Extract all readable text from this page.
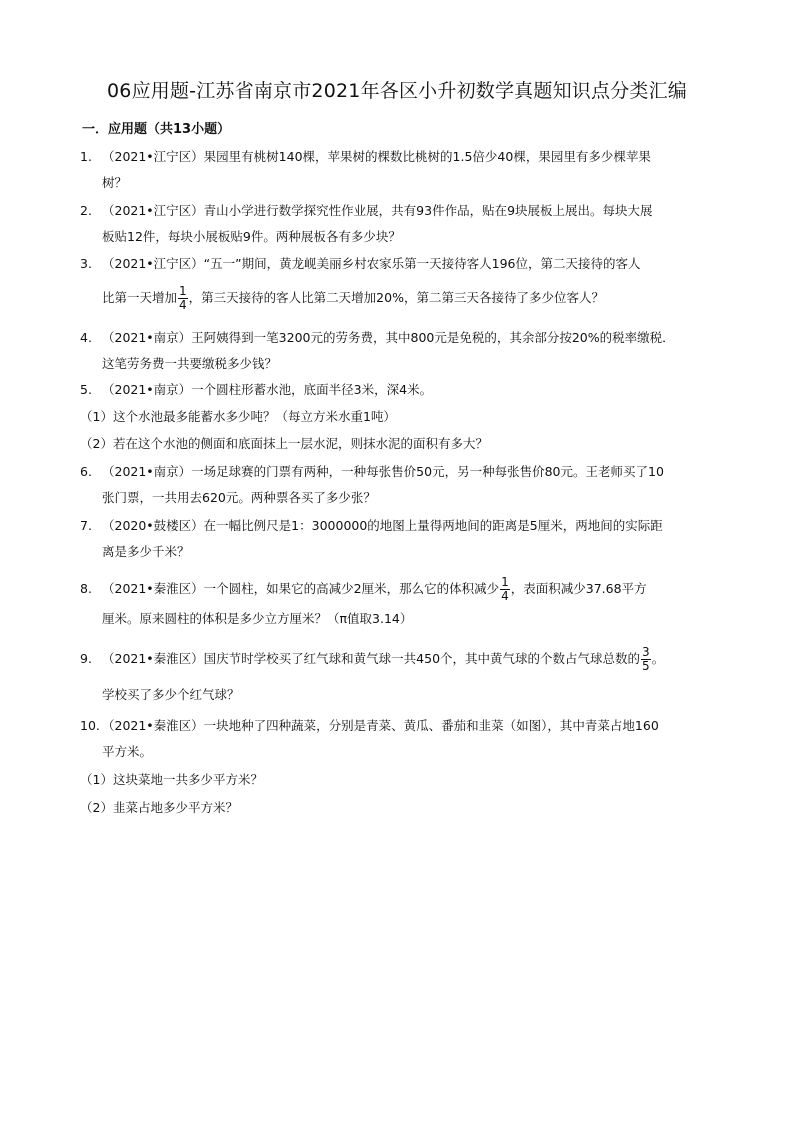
06应用题-江苏省南京市2021年各区小升初数学真题知识点分类汇编
一．应用题（共13小题）
1. （2021•江宁区）果园里有桃树140棵，苹果树的棵数比桃树的1.5倍少40棵，果园里有多少棵苹果
树？
2. （2021•江宁区）青山小学进行数学探究性作业展，共有93件作品，贴在9块展板上展出。每块大展
板贴12件，每块小展板贴9件。两种展板各有多少块？
3. （2021•江宁区）“五一”期间，黄龙岘美丽乡村农家乐第一天接待客人196位，第二天接待的客人
比第一天增加 $\frac{1}{4}$ ，第三天接待的客人比第二天增加20%，第二第三天各接待了多少位客人？
4. （2021•南京）王阿姨得到一笔3200元的劳务费，其中800元是免税的，其余部分按20%的税率缴税．
这笔劳务费一共要缴税多少钱？
5. （2021•南京）一个圆柱形蓄水池，底面半径3米，深4米。
（1）这个水池最多能蓄水多少吨？（每立方米水重1吨）
（2）若在这个水池的侧面和底面抹上一层水泥，则抹水泥的面积有多大？
6. （2021•南京）一场足球赛的门票有两种，一种每张售价50元，另一种每张售价80元。王老师买了10
张门票，一共用去620元。两种票各买了多少张？
7. （2020•鼓楼区）在一幅比例尺是1：3000000的地图上量得两地间的距离是5厘米，两地间的实际距
离是多少千米？
8. （2021•秦淮区）一个圆柱，如果它的高减少2厘米，那么它的体积减少 $\frac{1}{4}$ ，表面积减少37.68平方
厘米。原来圆柱的体积是多少立方厘米？（π值取3.14）
9. （2021•秦淮区）国庆节时学校买了红气球和黄气球一共450个，其中黄气球的个数占气球总数的 $\frac{3}{5}$ 。
学校买了多少个红气球？
10. （2021•秦淮区）一块地种了四种蔬菜，分别是青菜、黄瓜、番茄和韭菜（如图），其中青菜占地160
平方米。
（1）这块菜地一共多少平方米？
（2）韭菜占地多少平方米？
